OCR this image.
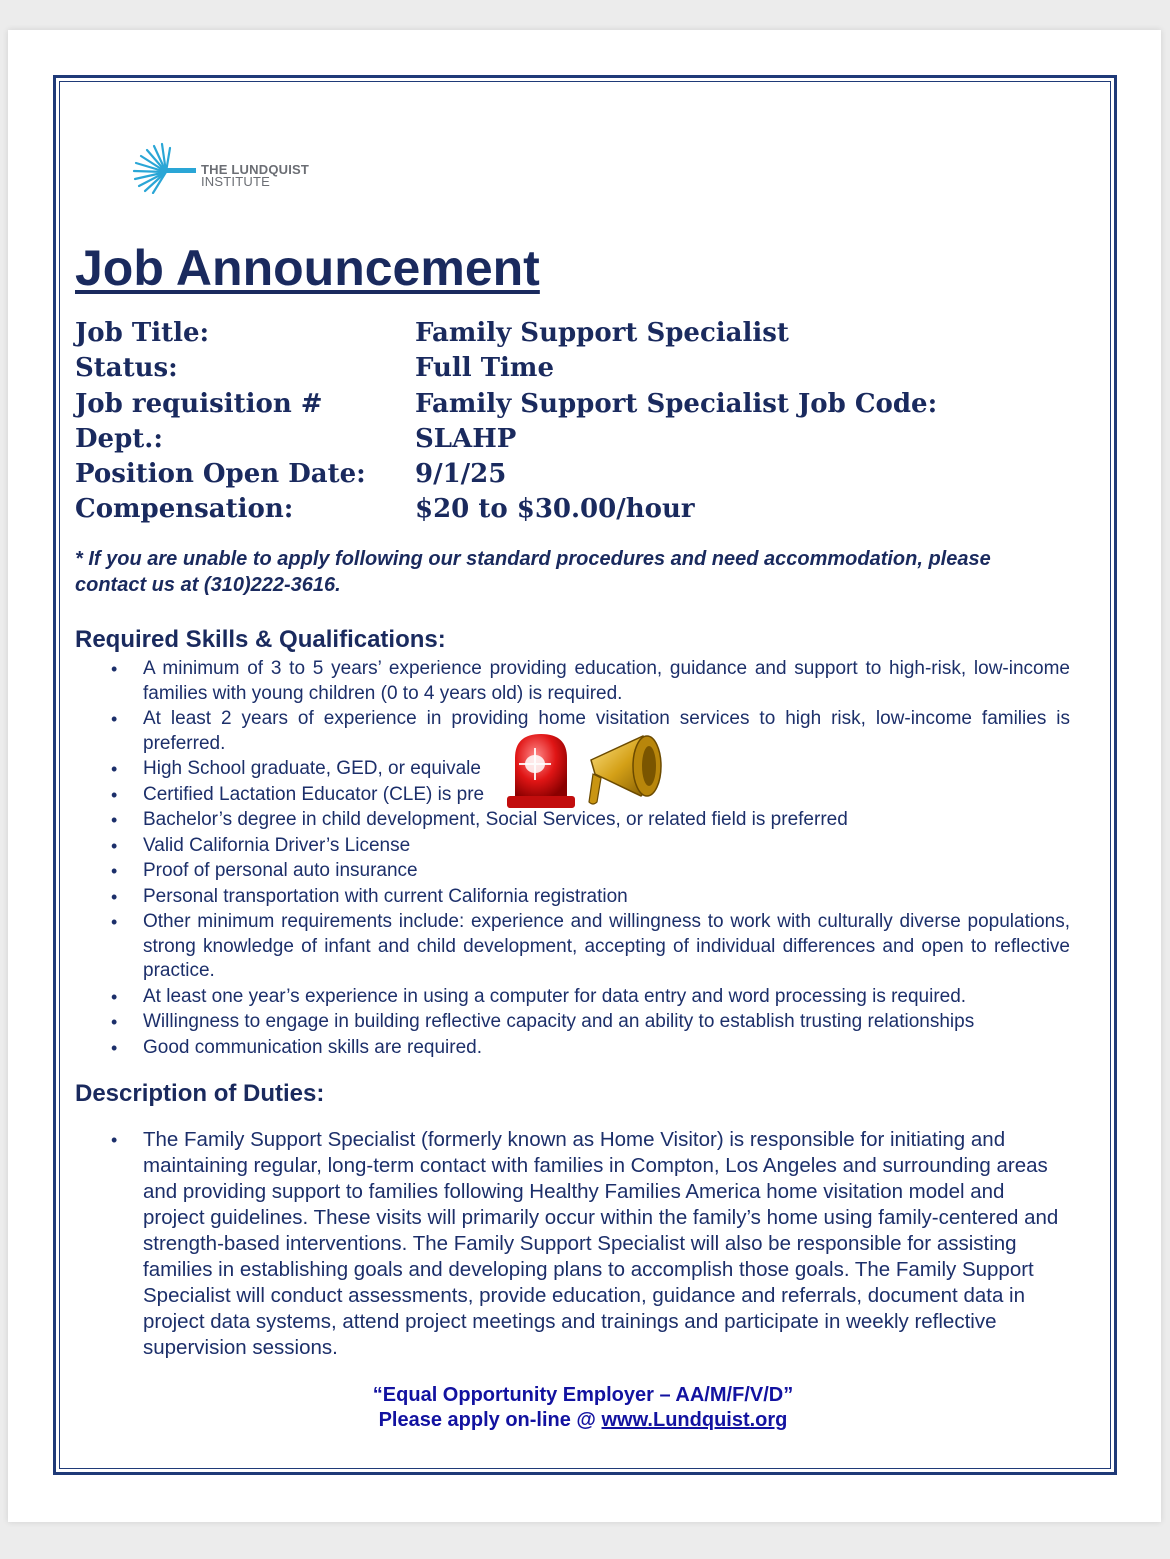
THE LUNDQUIST
INSTITUTE
Job Announcement
Job Title:	Family Support Specialist
Status:	Full Time
Job requisition #	Family Support Specialist Job Code:
Dept.:	SLAHP
Position Open Date: 9/1/25
Compensation:	$20 to $30.00/hour
* If you are unable to apply following our standard procedures and need accommodation, please contact us at (310)222-3616.
Required Skills & Qualifications:
• A minimum of 3 to 5 years’ experience providing education, guidance and support to high-risk, low-income families with young children (0 to 4 years old) is required.
• At least 2 years of experience in providing home visitation services to high risk, low-income families is preferred.
• High School graduate, GED, or equivale
• Certified Lactation Educator (CLE) is pre
• Bachelor’s degree in child development, Social Services, or related field is preferred
• Valid California Driver’s License
• Proof of personal auto insurance
• Personal transportation with current California registration
• Other minimum requirements include: experience and willingness to work with culturally diverse populations, strong knowledge of infant and child development, accepting of individual differences and open to reflective practice.
• At least one year’s experience in using a computer for data entry and word processing is required.
• Willingness to engage in building reflective capacity and an ability to establish trusting relationships
• Good communication skills are required.
Description of Duties:
• The Family Support Specialist (formerly known as Home Visitor) is responsible for initiating and maintaining regular, long-term contact with families in Compton, Los Angeles and surrounding areas and providing support to families following Healthy Families America home visitation model and project guidelines. These visits will primarily occur within the family’s home using family-centered and strength-based interventions. The Family Support Specialist will also be responsible for assisting families in establishing goals and developing plans to accomplish those goals. The Family Support Specialist will conduct assessments, provide education, guidance and referrals, document data in project data systems, attend project meetings and trainings and participate in weekly reflective supervision sessions.
“Equal Opportunity Employer – AA/M/F/V/D”
Please apply on-line @ www.Lundquist.org
